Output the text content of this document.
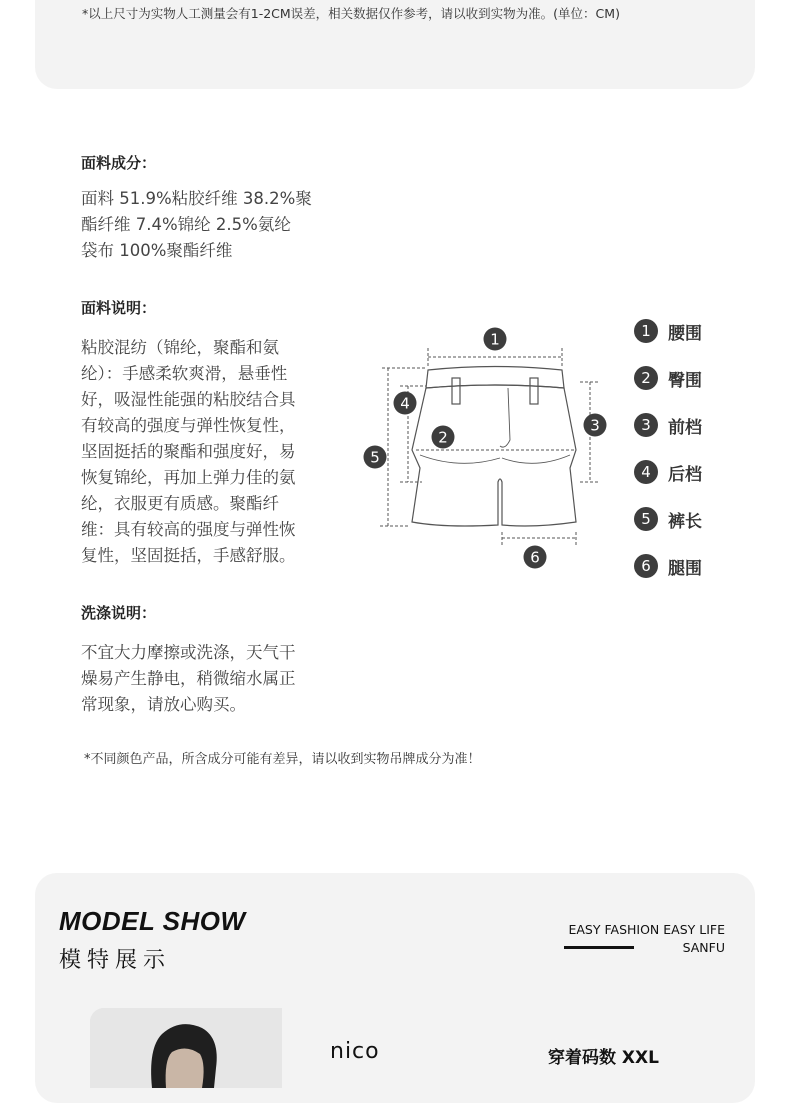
*以上尺寸为实物人工测量会有1-2CM误差，相关数据仅作参考，请以收到实物为准。(单位：CM)
面料成分：
面料 51.9%粘胶纤维 38.2%聚
酯纤维 7.4%锦纶 2.5%氨纶
袋布 100%聚酯纤维
面料说明：
粘胶混纺（锦纶，聚酯和氨
纶）：手感柔软爽滑，悬垂性
好，吸湿性能强的粘胶结合具
有较高的强度与弹性恢复性，
坚固挺括的聚酯和强度好，易
恢复锦纶，再加上弹力佳的氨
纶，衣服更有质感。聚酯纤
维：具有较高的强度与弹性恢
复性，坚固挺括，手感舒服。
洗涤说明：
不宜大力摩擦或洗涤，天气干
燥易产生静电，稍微缩水属正
常现象，请放心购买。
1
2
3
4
5
6
1	腰围
2	臀围
3	前档
4	后档
5	裤长
6	腿围
*不同颜色产品，所含成分可能有差异，请以收到实物吊牌成分为准！
MODEL SHOW
模特展示
EASY FASHION EASY LIFE
SANFU
nico	穿着码数 XXL
